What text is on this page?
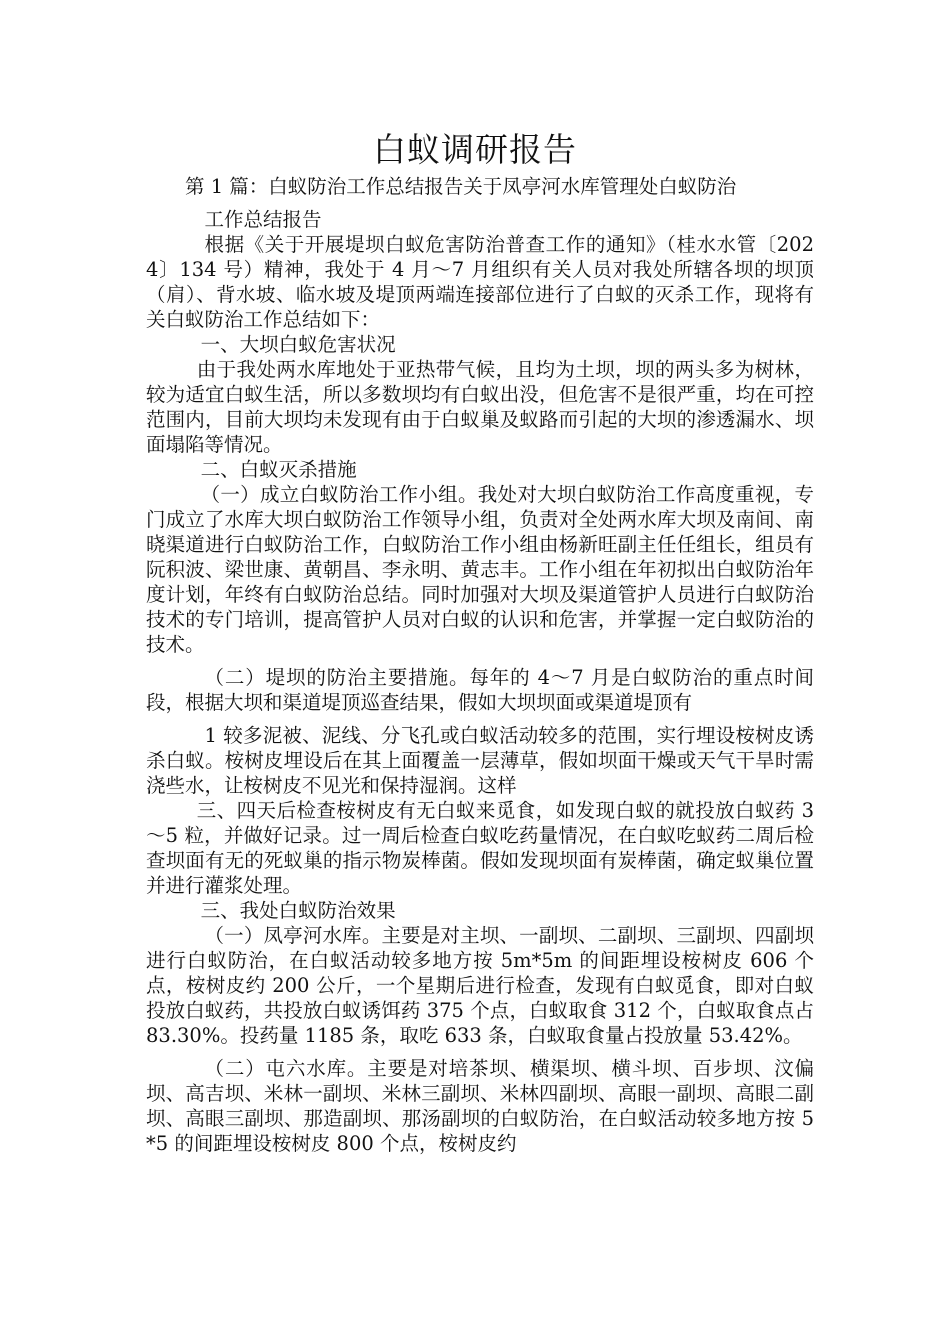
白蚁调研报告

第 1 篇：白蚁防治工作总结报告关于凤亭河水库管理处白蚁防治

工作总结报告

根据《关于开展堤坝白蚁危害防治普查工作的通知》（桂水水管〔2024〕134 号）精神，我处于 4 月～7 月组织有关人员对我处所辖各坝的坝顶（肩）、背水坡、临水坡及堤顶两端连接部位进行了白蚁的灭杀工作，现将有关白蚁防治工作总结如下：

一、大坝白蚁危害状况

由于我处两水库地处于亚热带气候，且均为土坝，坝的两头多为树林，较为适宜白蚁生活，所以多数坝均有白蚁出没，但危害不是很严重，均在可控范围内，目前大坝均未发现有由于白蚁巢及蚁路而引起的大坝的渗透漏水、坝面塌陷等情况。

二、白蚁灭杀措施

（一）成立白蚁防治工作小组。我处对大坝白蚁防治工作高度重视，专门成立了水库大坝白蚁防治工作领导小组，负责对全处两水库大坝及南间、南晓渠道进行白蚁防治工作，白蚁防治工作小组由杨新旺副主任任组长，组员有阮积波、梁世康、黄朝昌、李永明、黄志丰。工作小组在年初拟出白蚁防治年度计划，年终有白蚁防治总结。同时加强对大坝及渠道管护人员进行白蚁防治技术的专门培训，提高管护人员对白蚁的认识和危害，并掌握一定白蚁防治的技术。

（二）堤坝的防治主要措施。每年的 4～7 月是白蚁防治的重点时间段，根据大坝和渠道堤顶巡查结果，假如大坝坝面或渠道堤顶有

1 较多泥被、泥线、分飞孔或白蚁活动较多的范围，实行埋设桉树皮诱杀白蚁。桉树皮埋设后在其上面覆盖一层薄草，假如坝面干燥或天气干旱时需浇些水，让桉树皮不见光和保持湿润。这样

三、四天后检查桉树皮有无白蚁来觅食，如发现白蚁的就投放白蚁药 3～5 粒，并做好记录。过一周后检查白蚁吃药量情况，在白蚁吃蚁药二周后检查坝面有无的死蚁巢的指示物炭棒菌。假如发现坝面有炭棒菌，确定蚁巢位置并进行灌浆处理。

三、我处白蚁防治效果

（一）凤亭河水库。主要是对主坝、一副坝、二副坝、三副坝、四副坝进行白蚁防治，在白蚁活动较多地方按 5m*5m 的间距埋设桉树皮 606 个点，桉树皮约 200 公斤，一个星期后进行检查，发现有白蚁觅食，即对白蚁投放白蚁药，共投放白蚁诱饵药 375 个点，白蚁取食 312 个，白蚁取食点占 83.30%。投药量 1185 条，取吃 633 条，白蚁取食量占投放量 53.42%。

（二）屯六水库。主要是对培茶坝、横渠坝、横斗坝、百步坝、汶偏坝、高吉坝、米林一副坝、米林三副坝、米林四副坝、高眼一副坝、高眼二副坝、高眼三副坝、那造副坝、那汤副坝的白蚁防治，在白蚁活动较多地方按 5*5 的间距埋设桉树皮 800 个点，桉树皮约
